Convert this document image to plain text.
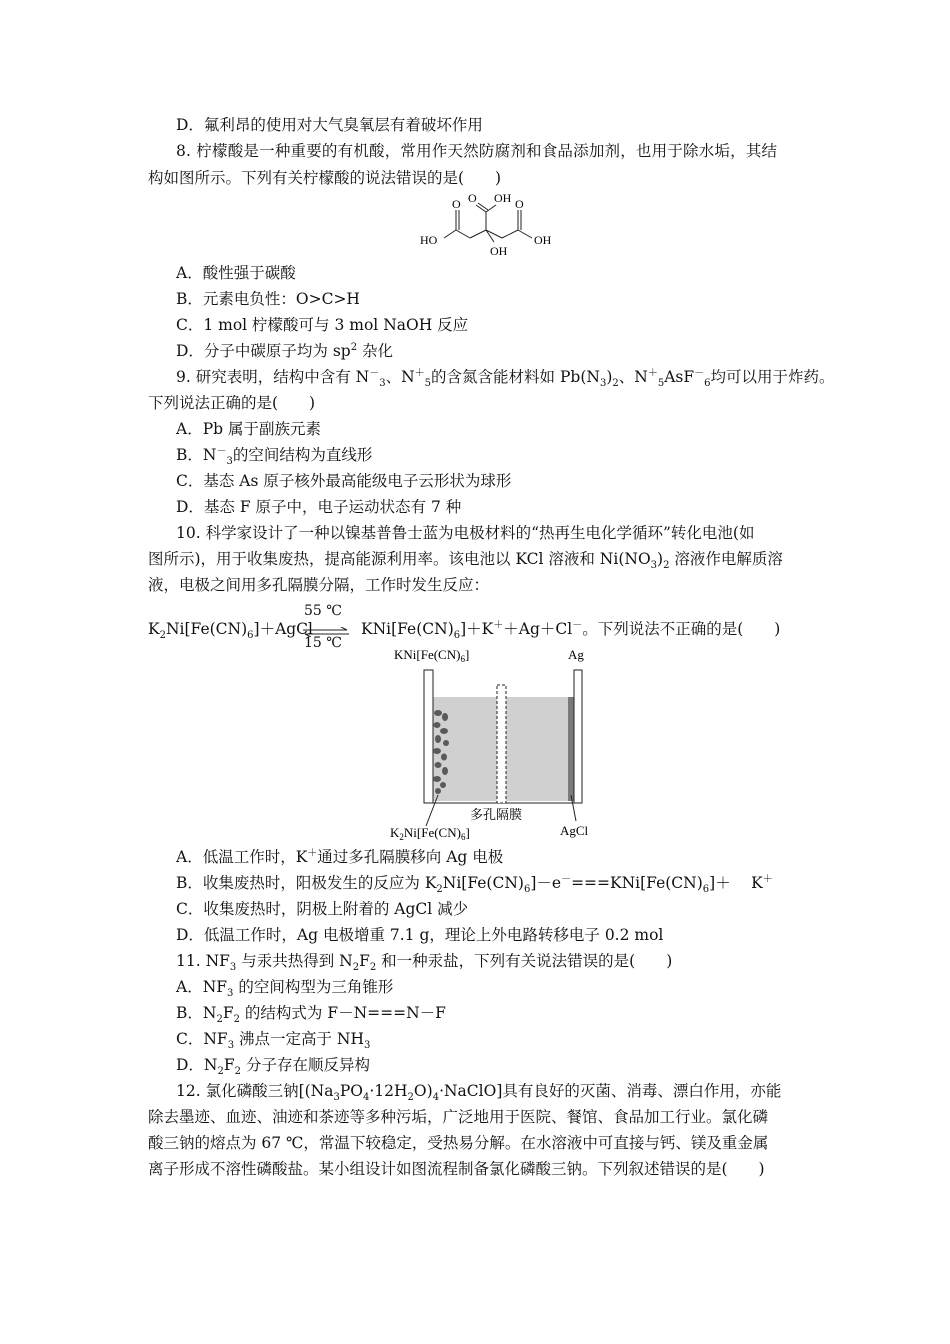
D．氟利昂的使用对大气臭氧层有着破坏作用
8. 柠檬酸是一种重要的有机酸，常用作天然防腐剂和食品添加剂，也用于除水垢，其结
构如图所示。下列有关柠檬酸的说法错误的是(　　)
O O OH O
HO	OH
OH
A．酸性强于碳酸
B．元素电负性：O>C>H
C．1 mol 柠檬酸可与 3 mol NaOH 反应
D．分子中碳原子均为 $sp^2$ 杂化
9. 研究表明，结构中含有 $N^-_3$、$N^+_5$的含氮含能材料如 $Pb(N_3)_2$、$N^+_5AsF^-_6$均可以用于炸药。
下列说法正确的是(　　)
A．Pb 属于副族元素
B．$N^-_3$的空间结构为直线形
C．基态 As 原子核外最高能级电子云形状为球形
D．基态 F 原子中，电子运动状态有 7 种
10. 科学家设计了一种以镍基普鲁士蓝为电极材料的“热再生电化学循环”转化电池(如
图所示)，用于收集废热，提高能源利用率。该电池以 KCl 溶液和 $Ni(NO_3)_2$ 溶液作电解质溶
液，电极之间用多孔隔膜分隔，工作时发生反应：
55 ℃
$K_2Ni[Fe(CN)_6]+AgCl$	$KNi[Fe(CN)_6]+K^++Ag+Cl^-$。下列说法不正确的是(　　)
15 ℃
$KNi[Fe(CN)_6]$	Ag
多孔隔膜
$K_2Ni[Fe(CN)_6]$	AgCl
A．低温工作时，K＋通过多孔隔膜移向 Ag 电极
B．收集废热时，阳极发生的反应为 $K_2Ni[Fe(CN)_6]-e^-===KNi[Fe(CN)_6]+$　 K＋
C．收集废热时，阴极上附着的 AgCl 减少
D．低温工作时，Ag 电极增重 7.1 g，理论上外电路转移电子 0.2 mol
11. $NF_3$ 与汞共热得到 $N_2F_2$ 和一种汞盐，下列有关说法错误的是(　　)
A．$NF_3$ 的空间构型为三角锥形
B．$N_2F_2$ 的结构式为 F－N===N－F
C．$NF_3$ 沸点一定高于 $NH_3$
D．$N_2F_2$ 分子存在顺反异构
12. 氯化磷酸三钠$[(Na_3PO_4\cdot 12H_2O)_4\cdot NaClO]$具有良好的灭菌、消毒、漂白作用，亦能
除去墨迹、血迹、油迹和茶迹等多种污垢，广泛地用于医院、餐馆、食品加工行业。氯化磷
酸三钠的熔点为 67 ℃，常温下较稳定，受热易分解。在水溶液中可直接与钙、镁及重金属
离子形成不溶性磷酸盐。某小组设计如图流程制备氯化磷酸三钠。下列叙述错误的是(　　)
